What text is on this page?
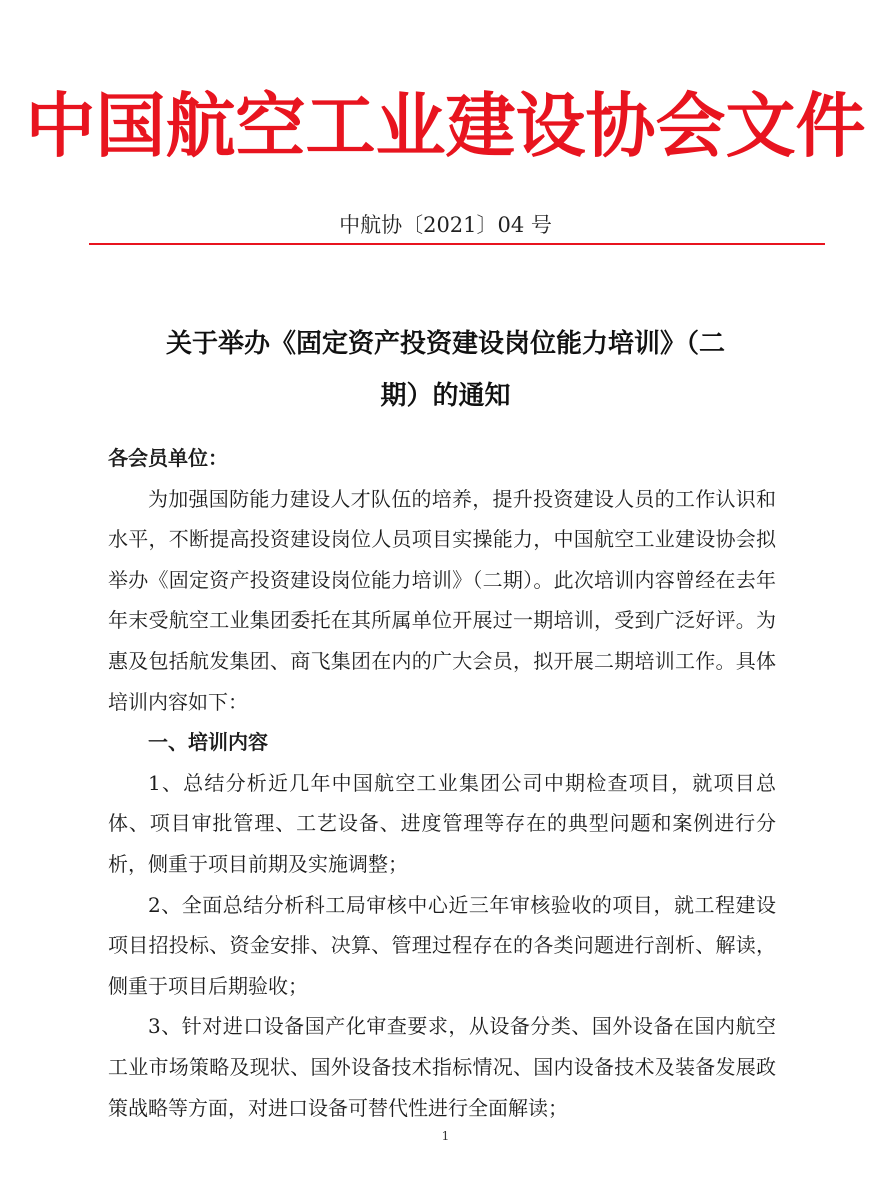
中国航空工业建设协会文件
中航协〔2021〕04 号
关于举办《固定资产投资建设岗位能力培训》（二
期）的通知

各会员单位：

为加强国防能力建设人才队伍的培养，提升投资建设人员的工作认识和水平，不断提高投资建设岗位人员项目实操能力，中国航空工业建设协会拟举办《固定资产投资建设岗位能力培训》（二期）。此次培训内容曾经在去年年末受航空工业集团委托在其所属单位开展过一期培训，受到广泛好评。为惠及包括航发集团、商飞集团在内的广大会员，拟开展二期培训工作。具体培训内容如下：

一、培训内容

1、总结分析近几年中国航空工业集团公司中期检查项目，就项目总体、项目审批管理、工艺设备、进度管理等存在的典型问题和案例进行分析，侧重于项目前期及实施调整；

2、全面总结分析科工局审核中心近三年审核验收的项目，就工程建设项目招投标、资金安排、决算、管理过程存在的各类问题进行剖析、解读，侧重于项目后期验收；

3、针对进口设备国产化审查要求，从设备分类、国外设备在国内航空工业市场策略及现状、国外设备技术指标情况、国内设备技术及装备发展政策战略等方面，对进口设备可替代性进行全面解读；

1
